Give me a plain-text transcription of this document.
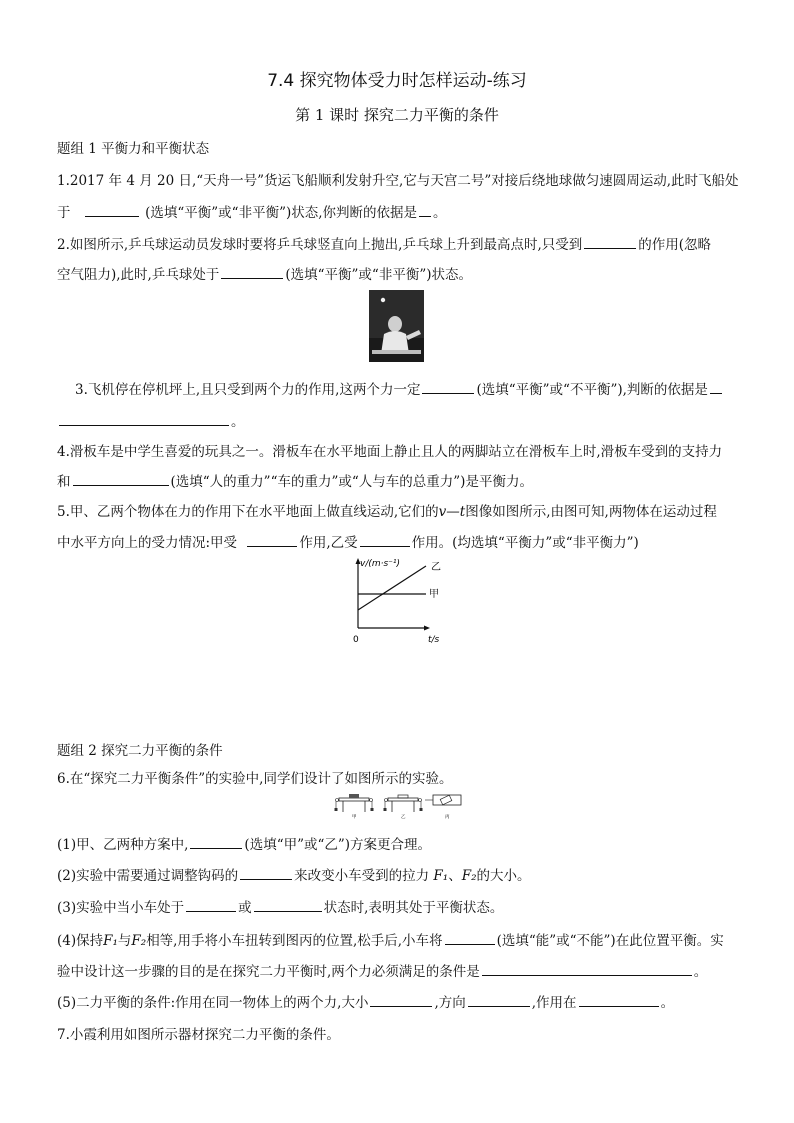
7.4 探究物体受力时怎样运动-练习
第 1 课时 探究二力平衡的条件
题组 1 平衡力和平衡状态
1.2017 年 4 月 20 日,“天舟一号”货运飞船顺利发射升空,它与天宫二号”对接后绕地球做匀速圆周运动,此时飞船处
于	(选填“平衡”或“非平衡”)状态,你判断的依据是 。
2.如图所示,乒乓球运动员发球时要将乒乓球竖直向上抛出,乒乓球上升到最高点时,只受到	的作用(忽略
空气阻力),此时,乒乓球处于	(选填“平衡”或“非平衡”)状态。
3.飞机停在停机坪上,且只受到两个力的作用,这两个力一定	(选填“平衡”或“不平衡”),判断的依据是
。
4.滑板车是中学生喜爱的玩具之一。滑板车在水平地面上静止且人的两脚站立在滑板车上时,滑板车受到的支持力
和	(选填“人的重力”“车的重力”或“人与车的总重力”)是平衡力。
5.甲、乙两个物体在力的作用下在水平地面上做直线运动,它们的v—t图像如图所示,由图可知,两物体在运动过程
中水平方向上的受力情况:甲受	作用,乙受	作用。(均选填“平衡力”或“非平衡力”)
v/(m·s⁻¹)
t/s
0
乙
甲
题组 2 探究二力平衡的条件
6.在“探究二力平衡条件”的实验中,同学们设计了如图所示的实验。
甲	乙	丙
(1)甲、乙两种方案中,	(选填“甲”或“乙”)方案更合理。
(2)实验中需要通过调整钩码的	来改变小车受到的拉力 F₁、F₂的大小。
(3)实验中当小车处于	或	状态时,表明其处于平衡状态。
(4)保持F₁与F₂相等,用手将小车扭转到图丙的位置,松手后,小车将	(选填“能”或“不能”)在此位置平衡。实
验中设计这一步骤的目的是在探究二力平衡时,两个力必须满足的条件是	。
(5)二力平衡的条件:作用在同一物体上的两个力,大小	,方向	,作用在	。
7.小霞利用如图所示器材探究二力平衡的条件。
